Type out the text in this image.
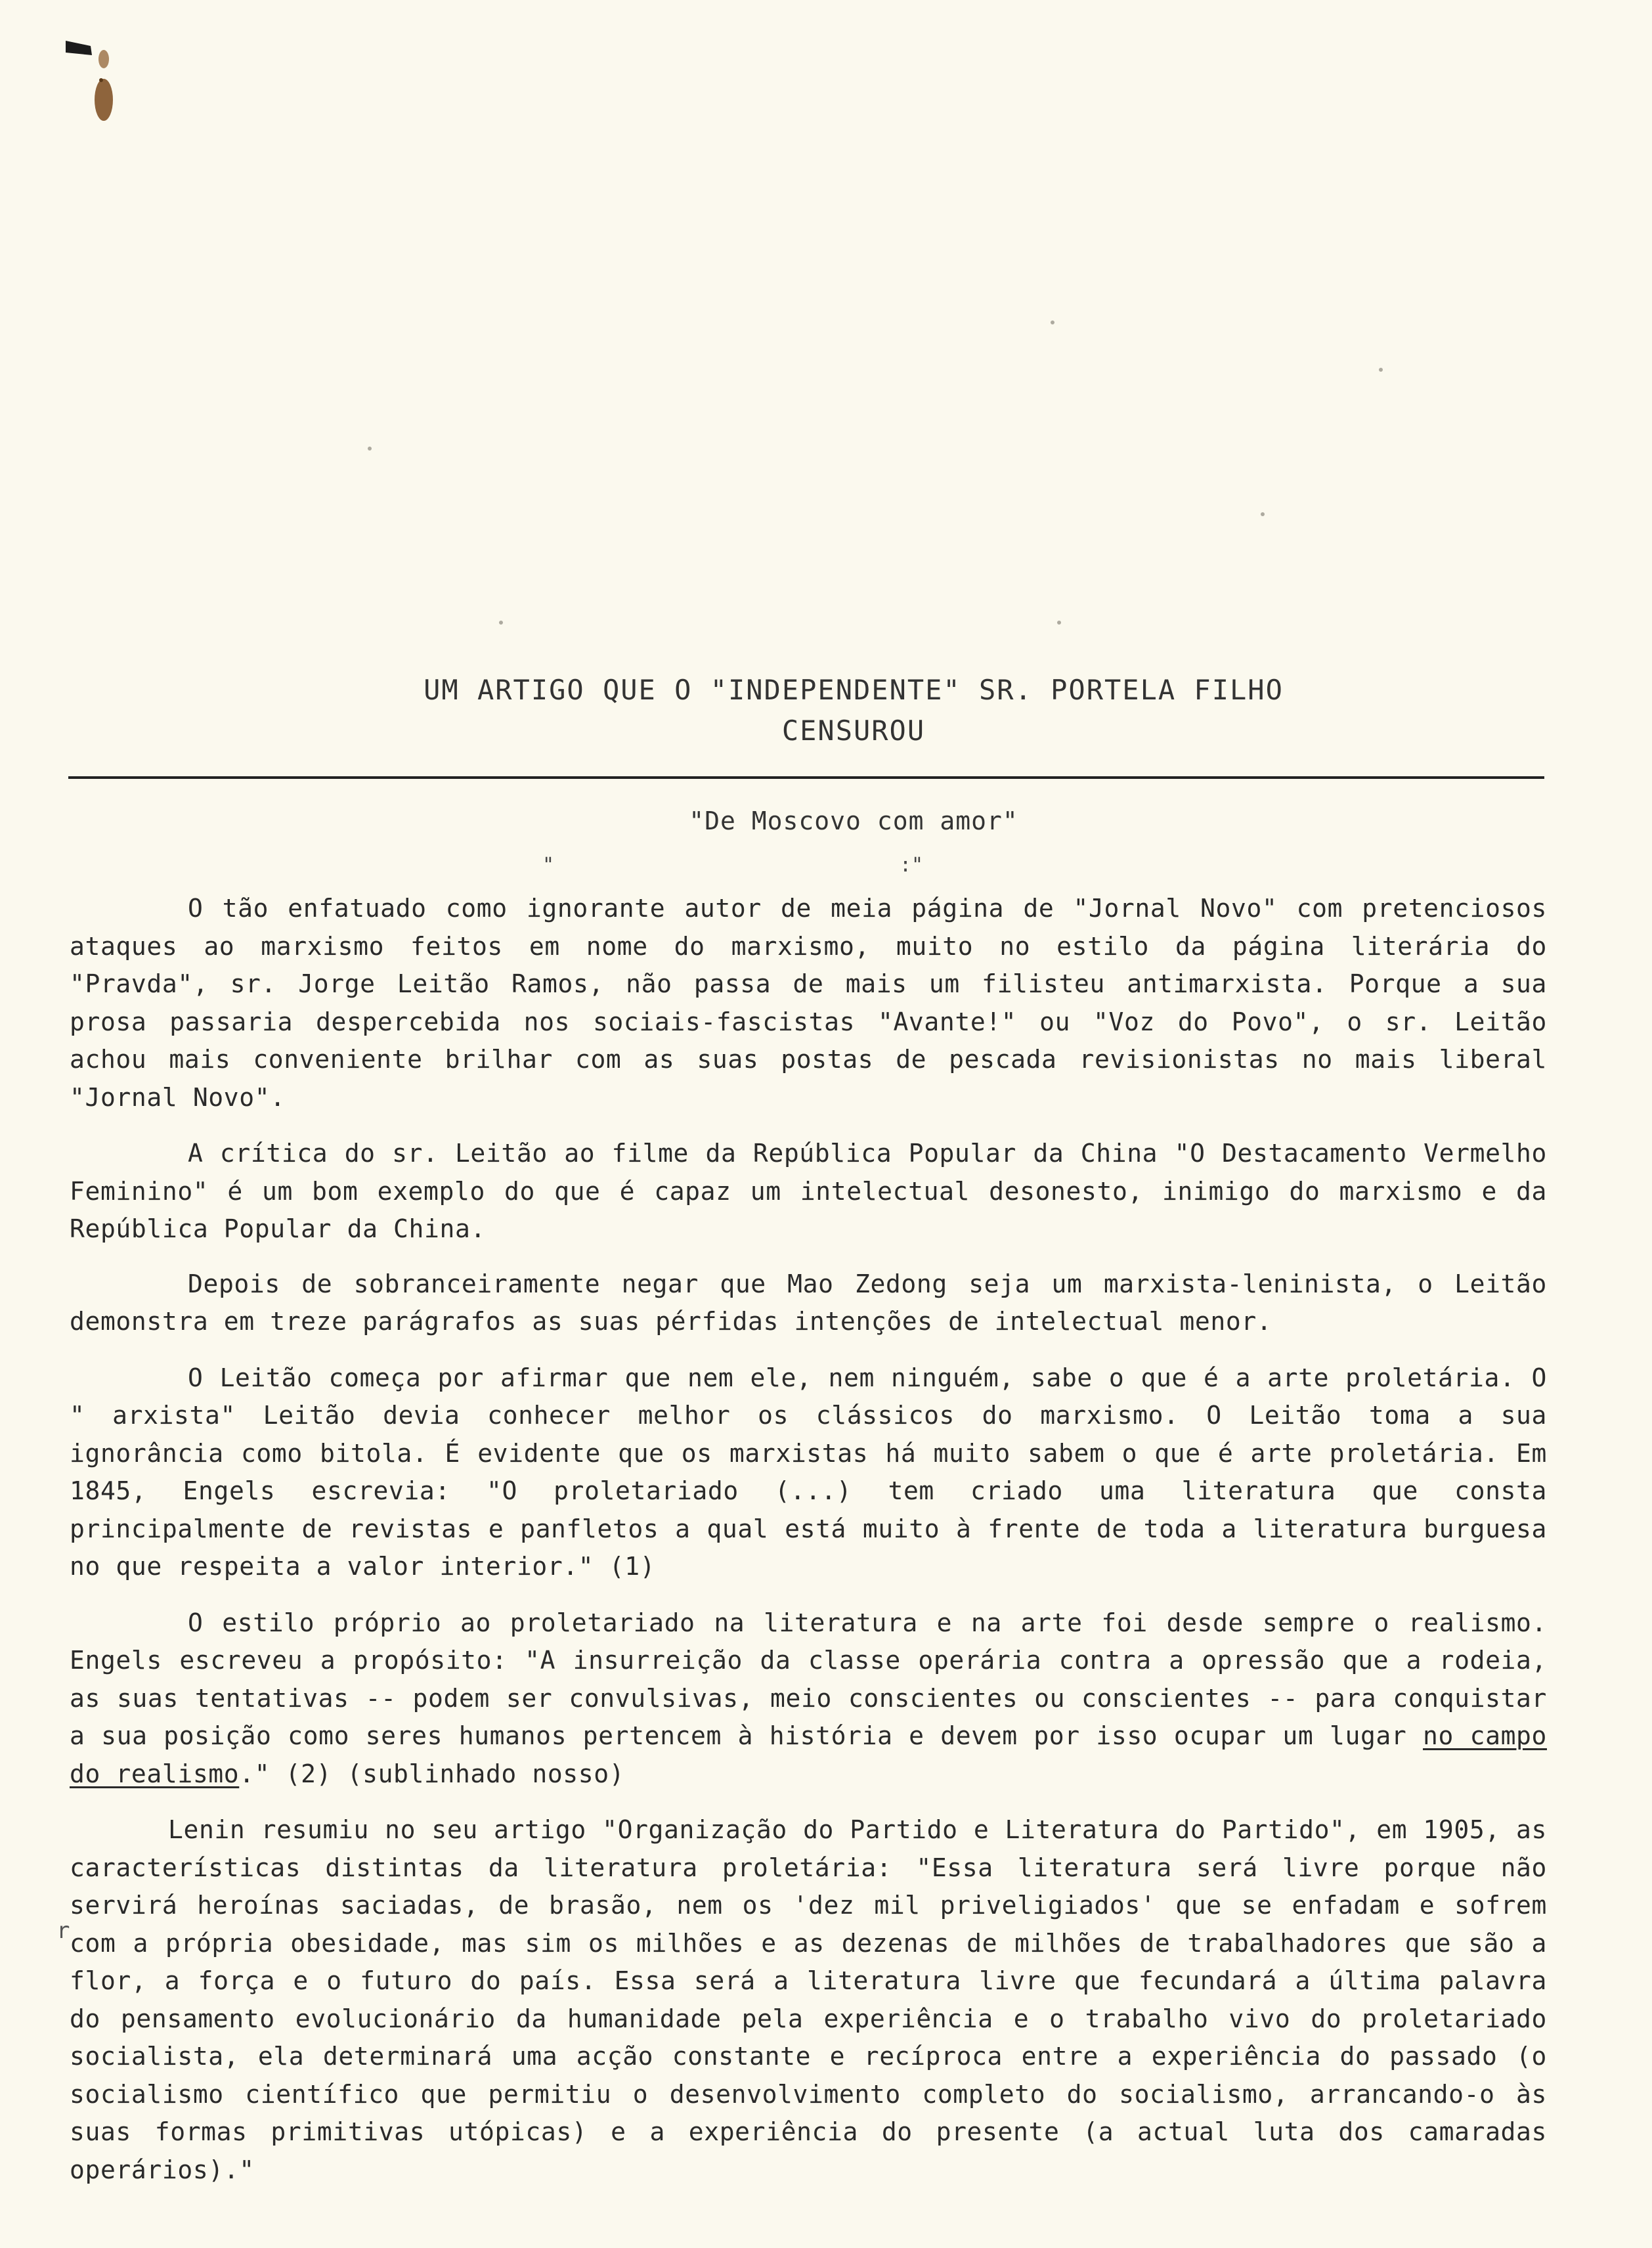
UM ARTIGO QUE O "INDEPENDENTE" SR. PORTELA FILHO
CENSUROU
"De Moscovo com amor"
"	:"
r

O tão enfatuado como ignorante autor de meia página de "Jornal Novo" com pretenciosos ataques ao marxismo feitos em nome do marxismo, muito no estilo da página literária do "Pravda", sr. Jorge Leitão Ramos, não passa de mais um filisteu antimarxista. Porque a sua prosa passaria despercebida nos sociais-fascistas "Avante!" ou "Voz do Povo", o sr. Leitão achou mais conveniente brilhar com as suas postas de pescada revisionistas no mais liberal "Jornal Novo".

A crítica do sr. Leitão ao filme da República Popular da China "O Destacamento Vermelho Feminino" é um bom exemplo do que é capaz um intelectual desonesto, inimigo do marxismo e da República Popular da China.

Depois de sobranceiramente negar que Mao Zedong seja um marxista-leninista, o Leitão demonstra em treze parágrafos as suas pérfidas intenções de intelectual menor.

O Leitão começa por afirmar que nem ele, nem ninguém, sabe o que é a arte proletária. O " arxista" Leitão devia conhecer melhor os clássicos do marxismo. O Leitão toma a sua ignorância como bitola. É evidente que os marxistas há muito sabem o que é arte proletária. Em 1845, Engels escrevia: "O proletariado (...) tem criado uma literatura que consta principalmente de revistas e panfletos a qual está muito à frente de toda a literatura burguesa no que respeita a valor interior." (1)

O estilo próprio ao proletariado na literatura e na arte foi desde sempre o realismo. Engels escreveu a propósito: "A insurreição da classe operária contra a opressão que a rodeia, as suas tentativas -- podem ser convulsivas, meio conscientes ou conscientes -- para conquistar a sua posição como seres humanos pertencem à história e devem por isso ocupar um lugar no campo do realismo." (2) (sublinhado nosso)

Lenin resumiu no seu artigo "Organização do Partido e Literatura do Partido", em 1905, as características distintas da literatura proletária: "Essa literatura será livre porque não servirá heroínas saciadas, de brasão, nem os 'dez mil priveligiados' que se enfadam e sofrem com a própria obesidade, mas sim os milhões e as dezenas de milhões de trabalhadores que são a flor, a força e o futuro do país. Essa será a literatura livre que fecundará a última palavra do pensamento evolucionário da humanidade pela experiência e o trabalho vivo do proletariado socialista, ela determinará uma acção constante e recíproca entre a experiência do passado (o socialismo científico que permitiu o desenvolvimento completo do socialismo, arrancando-o às suas formas primitivas utópicas) e a experiência do presente (a actual luta dos camaradas operários)."
